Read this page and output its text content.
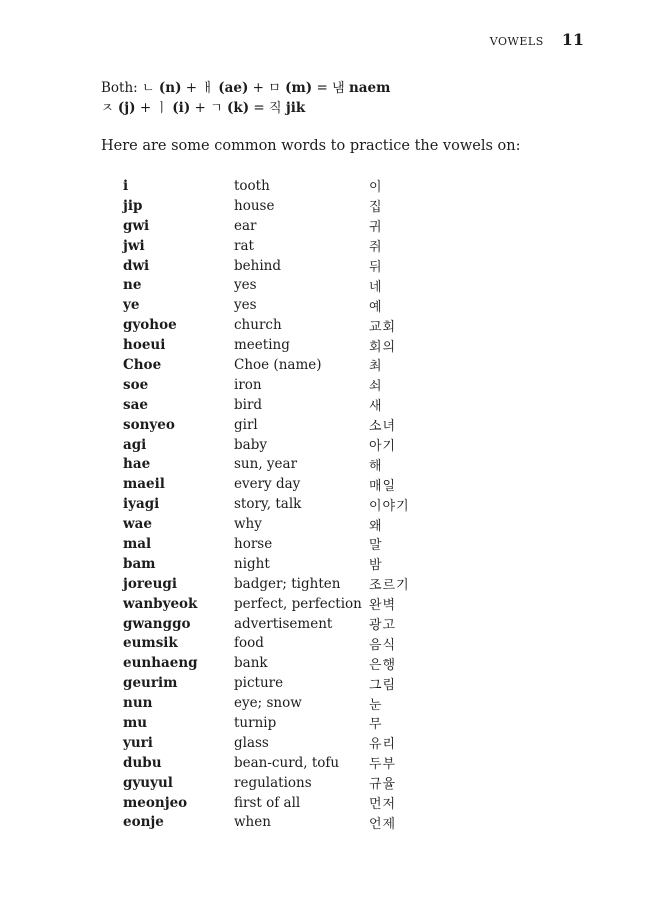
VOWELS 11
Both: ㄴ (n) + ㅐ (ae) + ㅁ (m) = 냄 naem
ㅈ (j) + ㅣ (i) + ㄱ (k) = 직 jik

Here are some common words to practice the vowels on:

i	tooth	이
jip	house	집
gwi	ear	귀
jwi	rat	쥐
dwi	behind	뒤
ne	yes	네
ye	yes	예
gyohoe	church	교회
hoeui	meeting	회의
Choe	Choe (name)	최
soe	iron	쇠
sae	bird	새
sonyeo	girl	소녀
agi	baby	아기
hae	sun, year	해
maeil	every day	매일
iyagi	story, talk	이야기
wae	why	왜
mal	horse	말
bam	night	밤
joreugi	badger; tighten	조르기
wanbyeok	perfect, perfection 완벽
gwanggo	advertisement	광고
eumsik	food	음식
eunhaeng	bank	은행
geurim	picture	그림
nun	eye; snow	눈
mu	turnip	무
yuri	glass	유리
dubu	bean-curd, tofu	두부
gyuyul	regulations	규율
meonjeo	first of all	먼저
eonje	when	언제
